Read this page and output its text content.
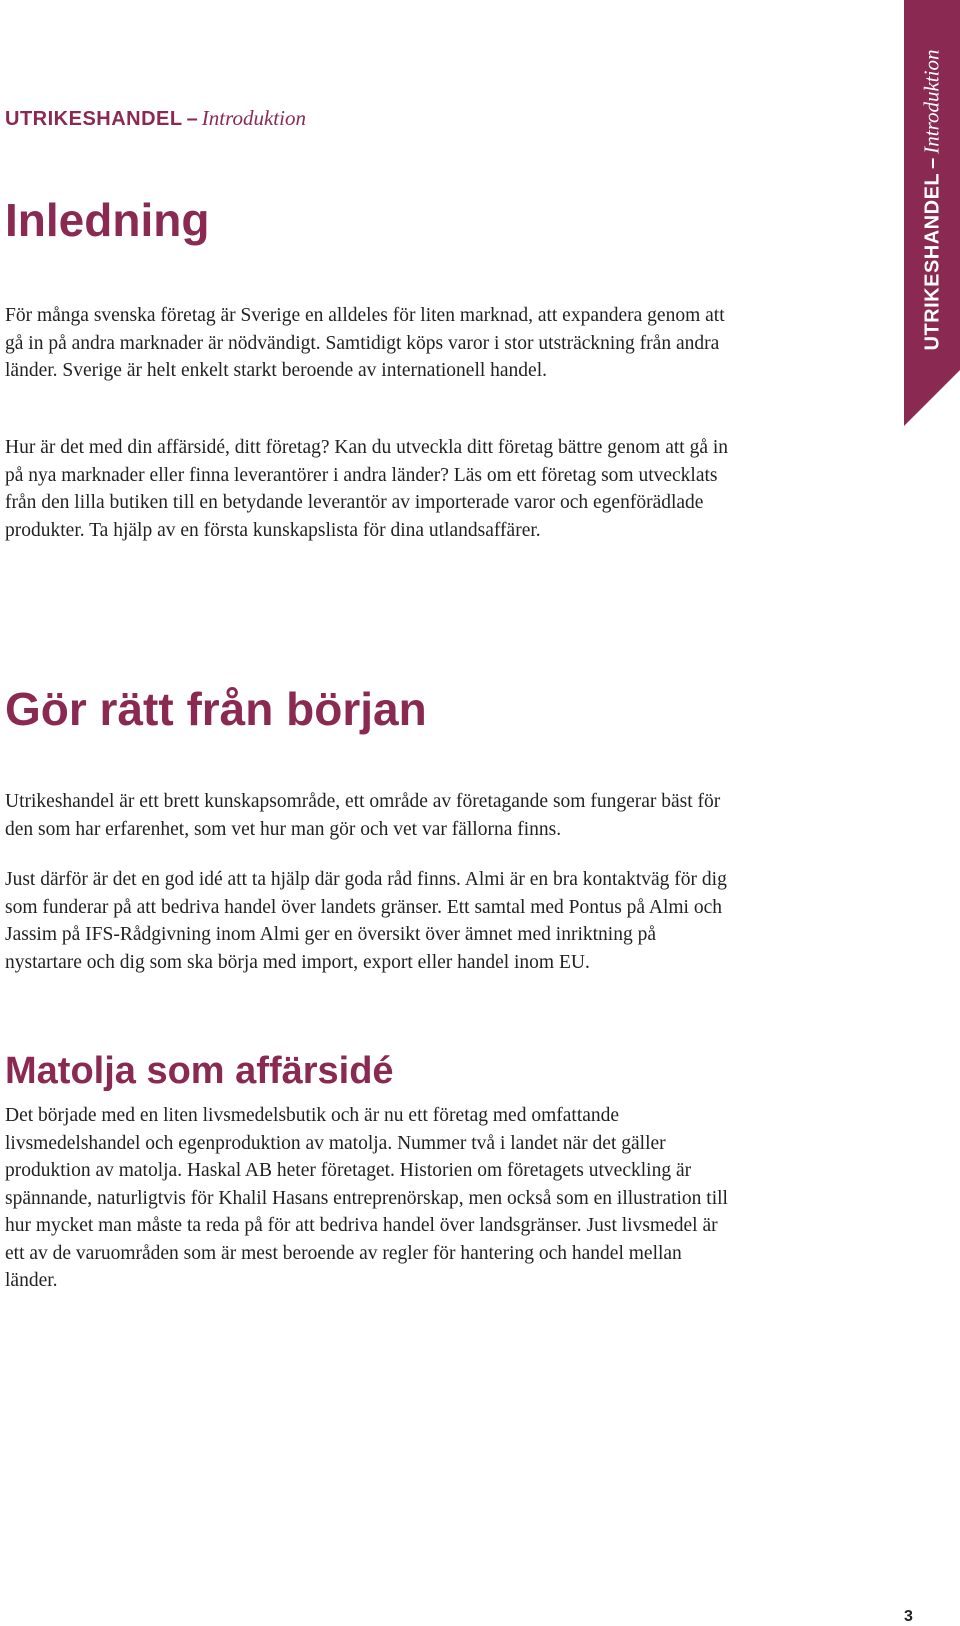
UTRIKESHANDEL – Introduktion
UTRIKESHANDEL–Introduktion
Inledning

För många svenska företag är Sverige en alldeles för liten marknad, att expandera genom att gå in på andra marknader är nödvändigt. Samtidigt köps varor i stor utsträckning från andra länder. Sverige är helt enkelt starkt beroende av internationell handel.

Hur är det med din affärsidé, ditt företag? Kan du utveckla ditt företag bättre genom att gå in på nya marknader eller finna leverantörer i andra länder? Läs om ett företag som utvecklats från den lilla butiken till en betydande leverantör av importerade varor och egenförädlade produkter. Ta hjälp av en första kunskapslista för dina utlandsaffärer.

Gör rätt från början

Utrikeshandel är ett brett kunskapsområde, ett område av företagande som fungerar bäst för den som har erfarenhet, som vet hur man gör och vet var fällorna finns.

Just därför är det en god idé att ta hjälp där goda råd finns. Almi är en bra kontaktväg för dig som funderar på att bedriva handel över landets gränser. Ett samtal med Pontus på Almi och Jassim på IFS-Rådgivning inom Almi ger en översikt över ämnet med inriktning på nystartare och dig som ska börja med import, export eller handel inom EU.

Matolja som affärsidé

Det började med en liten livsmedelsbutik och är nu ett företag med omfattande livsmedelshandel och egenproduktion av matolja. Nummer två i landet när det gäller produktion av matolja. Haskal AB heter företaget. Historien om företagets utveckling är spännande, naturligtvis för Khalil Hasans entreprenörskap, men också som en illustration till hur mycket man måste ta reda på för att bedriva handel över landsgränser. Just livsmedel är ett av de varuområden som är mest beroende av regler för hantering och handel mellan länder.

3
